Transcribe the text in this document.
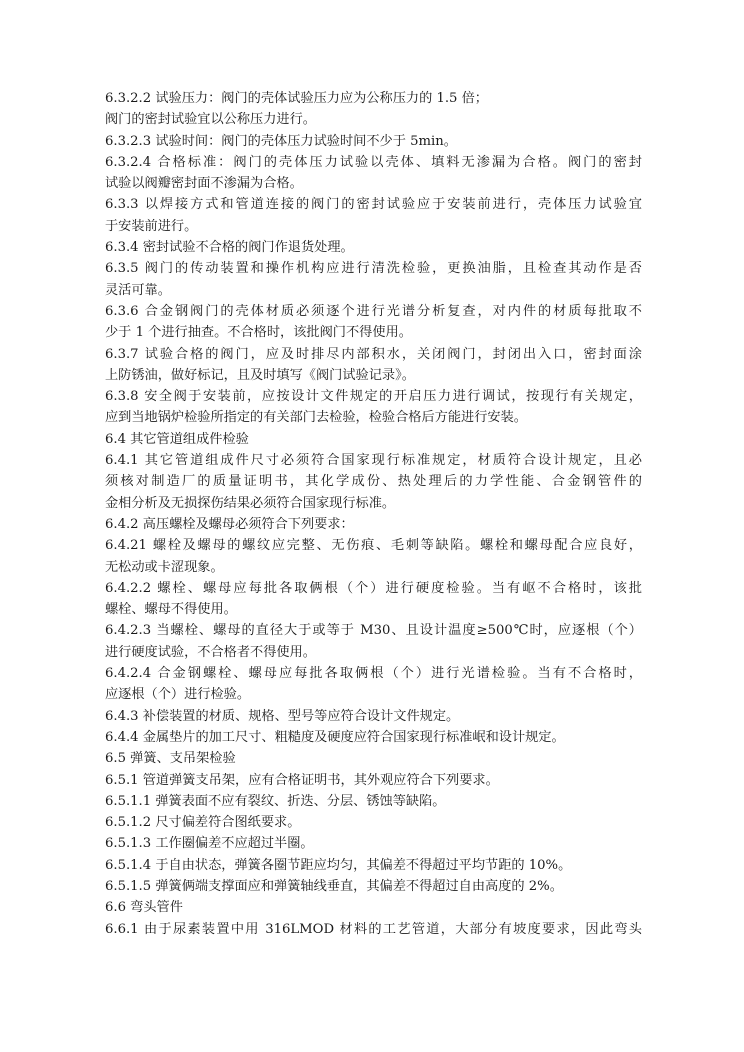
6.3.2.2 试验压力：阀门的壳体试验压力应为公称压力的 1.5 倍；
阀门的密封试验宜以公称压力进行。
6.3.2.3 试验时间：阀门的壳体压力试验时间不少于 5min。
6.3.2.4 合格标准：阀门的壳体压力试验以壳体、填料无渗漏为合格。阀门的密封
试验以阀瓣密封面不渗漏为合格。
6.3.3 以焊接方式和管道连接的阀门的密封试验应于安装前进行，壳体压力试验宜
于安装前进行。
6.3.4 密封试验不合格的阀门作退货处理。
6.3.5 阀门的传动装置和操作机构应进行清洗检验，更换油脂，且检查其动作是否
灵活可靠。
6.3.6 合金钢阀门的壳体材质必须逐个进行光谱分析复查，对内件的材质每批取不
少于 1 个进行抽查。不合格时，该批阀门不得使用。
6.3.7 试验合格的阀门，应及时排尽内部积水，关闭阀门，封闭出入口，密封面涂
上防锈油，做好标记，且及时填写《阀门试验记录》。
6.3.8 安全阀于安装前，应按设计文件规定的开启压力进行调试，按现行有关规定，
应到当地锅炉检验所指定的有关部门去检验，检验合格后方能进行安装。
6.4 其它管道组成件检验
6.4.1 其它管道组成件尺寸必须符合国家现行标准规定，材质符合设计规定，且必
须核对制造厂的质量证明书，其化学成份、热处理后的力学性能、合金钢管件的
金相分析及无损探伤结果必须符合国家现行标准。
6.4.2 高压螺栓及螺母必须符合下列要求：
6.4.21 螺栓及螺母的螺纹应完整、无伤痕、毛刺等缺陷。螺栓和螺母配合应良好，
无松动或卡涩现象。
6.4.2.2 螺栓、螺母应每批各取俩根（个）进行硬度检验。当有岖不合格时，该批
螺栓、螺母不得使用。
6.4.2.3 当螺栓、螺母的直径大于或等于 M30、且设计温度≥500℃时，应逐根（个）
进行硬度试验，不合格者不得使用。
6.4.2.4 合金钢螺栓、螺母应每批各取俩根（个）进行光谱检验。当有不合格时，
应逐根（个）进行检验。
6.4.3 补偿装置的材质、规格、型号等应符合设计文件规定。
6.4.4 金属垫片的加工尺寸、粗糙度及硬度应符合国家现行标准岷和设计规定。
6.5 弹簧、支吊架检验
6.5.1 管道弹簧支吊架，应有合格证明书，其外观应符合下列要求。
6.5.1.1 弹簧表面不应有裂纹、折迭、分层、锈蚀等缺陷。
6.5.1.2 尺寸偏差符合图纸要求。
6.5.1.3 工作圈偏差不应超过半圈。
6.5.1.4 于自由状态，弹簧各圈节距应均匀，其偏差不得超过平均节距的 10%。
6.5.1.5 弹簧俩端支撑面应和弹簧轴线垂直，其偏差不得超过自由高度的 2%。
6.6 弯头管件
6.6.1 由于尿素装置中用 316LMOD 材料的工艺管道，大部分有坡度要求，因此弯头
